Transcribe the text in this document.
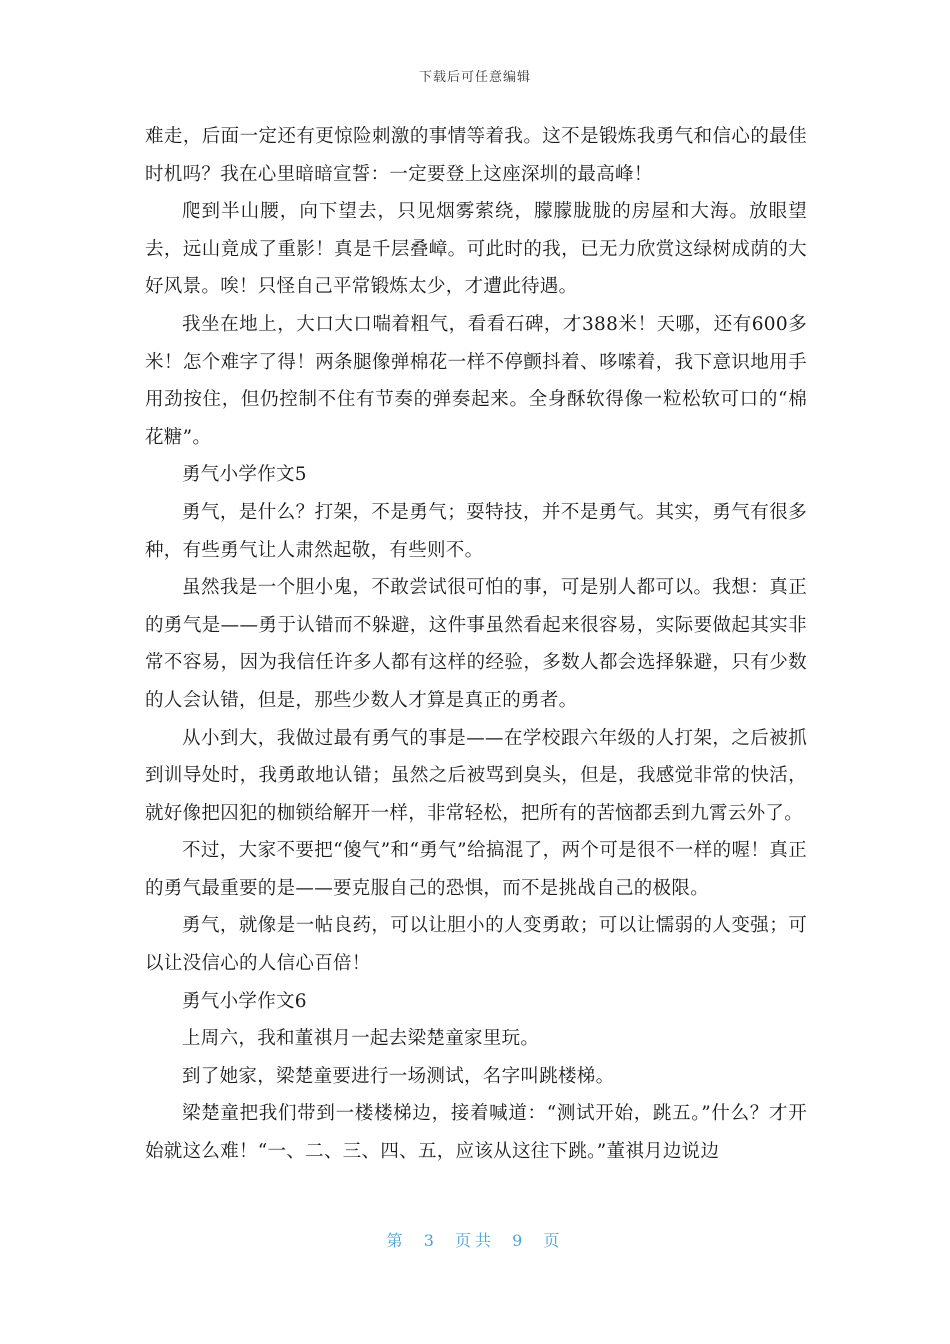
下载后可任意编辑

难走，后面一定还有更惊险刺激的事情等着我。这不是锻炼我勇气和信心的最佳时机吗？我在心里暗暗宣誓：一定要登上这座深圳的最高峰！

爬到半山腰，向下望去，只见烟雾萦绕，朦朦胧胧的房屋和大海。放眼望去，远山竟成了重影！真是千层叠嶂。可此时的我，已无力欣赏这绿树成荫的大好风景。唉！只怪自己平常锻炼太少，才遭此待遇。

我坐在地上，大口大口喘着粗气，看看石碑，才388米！天哪，还有600多米！怎个难字了得！两条腿像弹棉花一样不停颤抖着、哆嗦着，我下意识地用手用劲按住，但仍控制不住有节奏的弹奏起来。全身酥软得像一粒松软可口的“棉花糖”。

勇气小学作文5

勇气，是什么？打架，不是勇气；耍特技，并不是勇气。其实，勇气有很多种，有些勇气让人肃然起敬，有些则不。

虽然我是一个胆小鬼，不敢尝试很可怕的事，可是别人都可以。我想：真正的勇气是——勇于认错而不躲避，这件事虽然看起来很容易，实际要做起其实非常不容易，因为我信任许多人都有这样的经验，多数人都会选择躲避，只有少数的人会认错，但是，那些少数人才算是真正的勇者。

从小到大，我做过最有勇气的事是——在学校跟六年级的人打架，之后被抓到训导处时，我勇敢地认错；虽然之后被骂到臭头，但是，我感觉非常的快活，就好像把囚犯的枷锁给解开一样，非常轻松，把所有的苦恼都丢到九霄云外了。

不过，大家不要把“傻气”和“勇气”给搞混了，两个可是很不一样的喔！真正的勇气最重要的是——要克服自己的恐惧，而不是挑战自己的极限。

勇气，就像是一帖良药，可以让胆小的人变勇敢；可以让懦弱的人变强；可以让没信心的人信心百倍！

勇气小学作文6

上周六，我和董祺月一起去梁楚童家里玩。

到了她家，梁楚童要进行一场测试，名字叫跳楼梯。

梁楚童把我们带到一楼楼梯边，接着喊道：“测试开始，跳五。”什么？才开始就这么难！“一、二、三、四、五，应该从这往下跳。”董祺月边说边

第 3 页共 9 页
